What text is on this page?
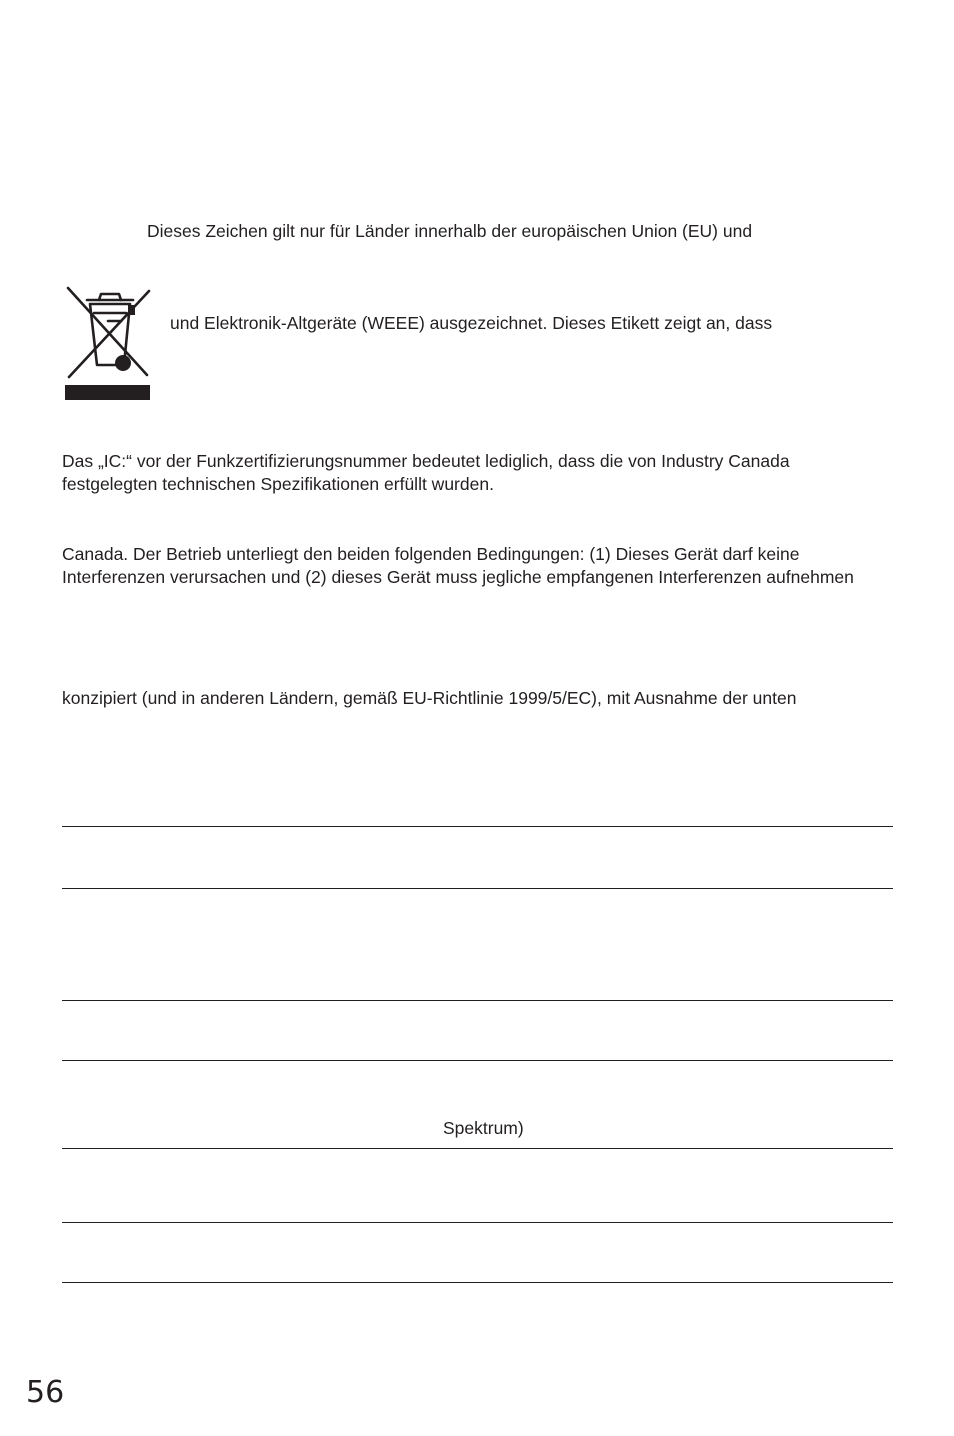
Dieses Zeichen gilt nur für Länder innerhalb der europäischen Union (EU) und

und Elektronik-Altgeräte (WEEE) ausgezeichnet. Dieses Etikett zeigt an, dass

Das „IC:“ vor der Funkzertifizierungsnummer bedeutet lediglich, dass die von Industry Canada

festgelegten technischen Spezifikationen erfüllt wurden.

Canada. Der Betrieb unterliegt den beiden folgenden Bedingungen: (1) Dieses Gerät darf keine

Interferenzen verursachen und (2) dieses Gerät muss jegliche empfangenen Interferenzen aufnehmen

konzipiert (und in anderen Ländern, gemäß EU-Richtlinie 1999/5/EC), mit Ausnahme der unten

Spektrum)

56
